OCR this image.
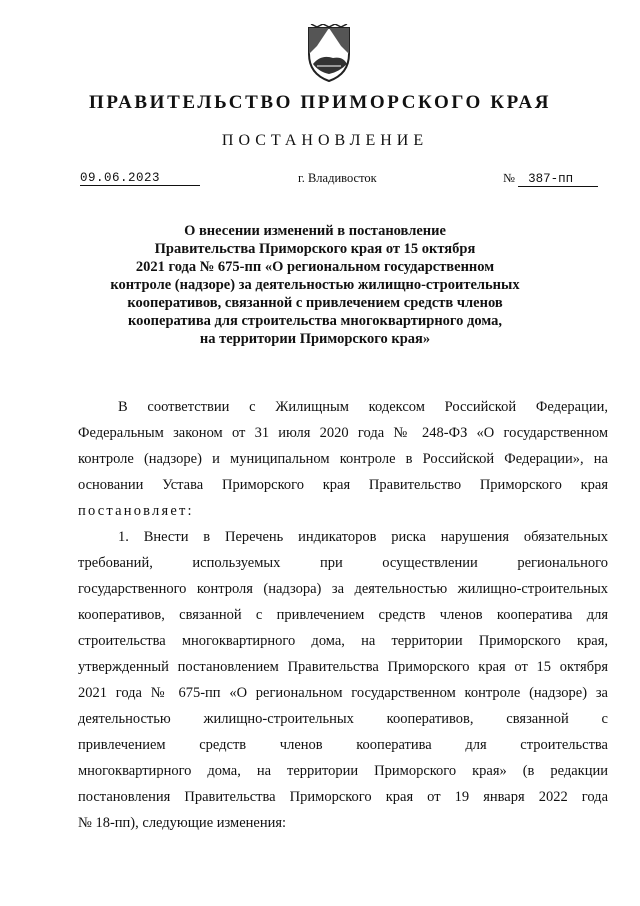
ПРАВИТЕЛЬСТВО ПРИМОРСКОГО КРАЯ
ПОСТАНОВЛЕНИЕ
09.06.2023	г. Владивосток	№ 387-пп
О внесении изменений в постановление
Правительства Приморского края от 15 октября
2021 года № 675-пп «О региональном государственном
контроле (надзоре) за деятельностью жилищно-строительных
кооперативов, связанной с привлечением средств членов
кооператива для строительства многоквартирного дома,
на территории Приморского края»
В соответствии с Жилищным кодексом Российской Федерации,
Федеральным законом от 31 июля 2020 года № 248-ФЗ «О государственном
контроле (надзоре) и муниципальном контроле в Российской Федерации», на
основании Устава Приморского края Правительство Приморского края
постановляет:
1. Внести в Перечень индикаторов риска нарушения обязательных
требований, используемых при осуществлении регионального
государственного контроля (надзора) за деятельностью жилищно-строительных
кооперативов, связанной с привлечением средств членов кооператива для
строительства многоквартирного дома, на территории Приморского края,
утвержденный постановлением Правительства Приморского края от 15 октября
2021 года № 675-пп «О региональном государственном контроле (надзоре) за
деятельностью жилищно-строительных кооперативов, связанной с
привлечением средств членов кооператива для строительства
многоквартирного дома, на территории Приморского края» (в редакции
постановления Правительства Приморского края от 19 января 2022 года
№ 18-пп), следующие изменения:
